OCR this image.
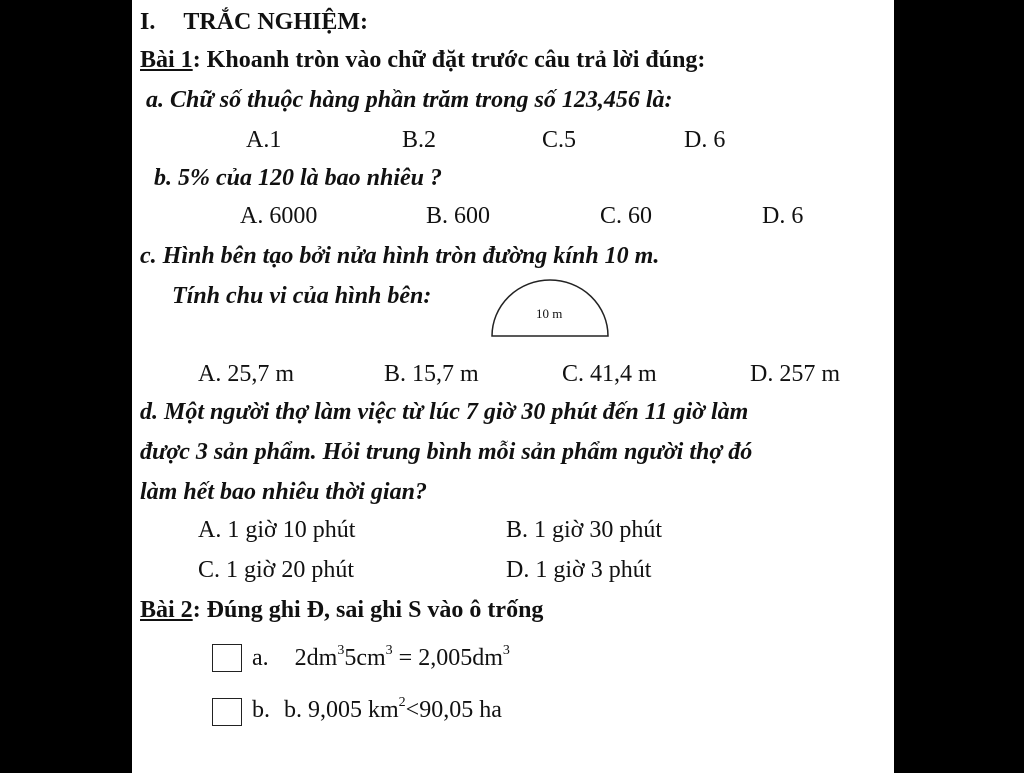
I. TRẮC NGHIỆM:
Bài 1: Khoanh tròn vào chữ đặt trước câu trả lời đúng:
a. Chữ số thuộc hàng phần trăm trong số 123,456 là:
A.1	B.2	C.5	D. 6
b. 5% của 120 là bao nhiêu ?
A. 6000	B. 600	C. 60	D. 6
c. Hình bên tạo bởi nửa hình tròn đường kính 10 m.
Tính chu vi của hình bên:
10 m
A. 25,7 m	B. 15,7 m	C. 41,4 m	D. 257 m
d. Một người thợ làm việc từ lúc 7 giờ 30 phút đến 11 giờ làm
được 3 sản phẩm. Hỏi trung bình mỗi sản phẩm người thợ đó
làm hết bao nhiêu thời gian?
A. 1 giờ 10 phút	B. 1 giờ 30 phút
C. 1 giờ 20 phút	D. 1 giờ 3 phút
Bài 2: Đúng ghi Đ, sai ghi S vào ô trống
a. $2dm^35cm^3 = 2,005dm^3$
b. b. 9,005 $km^2<90,05$ ha
